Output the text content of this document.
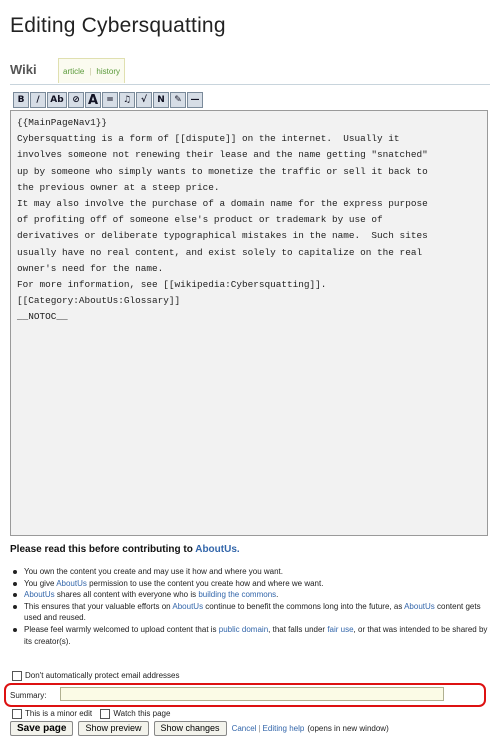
Editing Cybersquatting
Wiki	article | history
B	/	Ab ⊘ A =	♫	√	N	✎ —
{{MainPageNav1}}
Cybersquatting is a form of [[dispute]] on the internet.  Usually it
involves someone not renewing their lease and the name getting "snatched"
up by someone who simply wants to monetize the traffic or sell it back to
the previous owner at a steep price.
It may also involve the purchase of a domain name for the express purpose
of profiting off of someone else's product or trademark by use of
derivatives or deliberate typographical mistakes in the name.  Such sites
usually have no real content, and exist solely to capitalize on the real
owner's need for the name.
For more information, see [[wikipedia:Cybersquatting]].
[[Category:AboutUs:Glossary]]
__NOTOC__
Please read this before contributing to AboutUs.
You own the content you create and may use it how and where you want.
You give AboutUs permission to use the content you create how and where we want.
AboutUs shares all content with everyone who is building the commons.
This ensures that your valuable efforts on AboutUs continue to benefit the commons long into the future, as AboutUs content gets used and reused.
Please feel warmly welcomed to upload content that is public domain, that falls under fair use, or that was intended to be shared by its creator(s).
Don't automatically protect email addresses
Summary:
This is a minor edit	Watch this page
Save page	Show preview	Show changes	Cancel | Editing help (opens in new window)
